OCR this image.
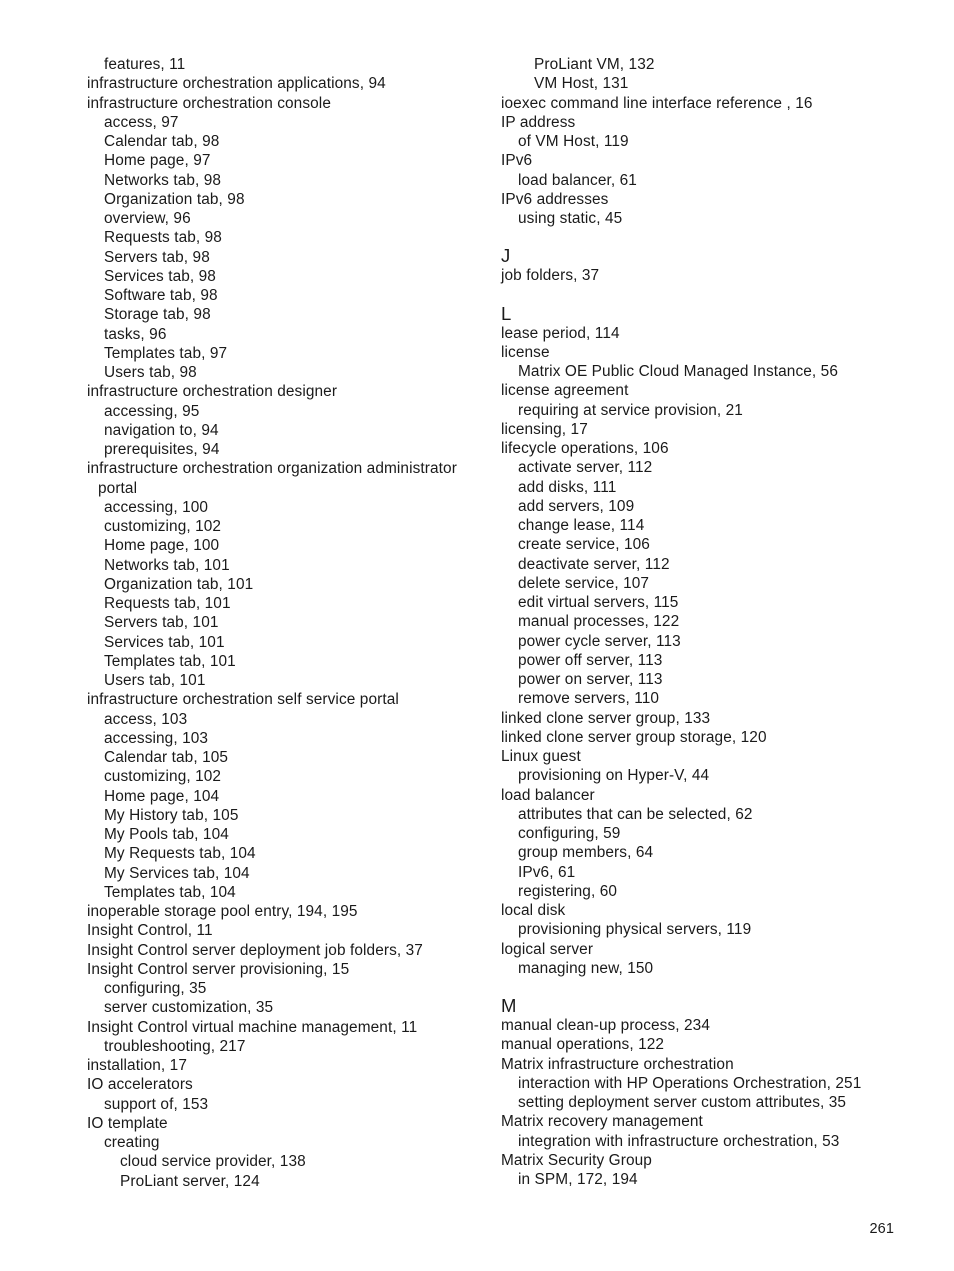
features, 11
infrastructure orchestration applications, 94
infrastructure orchestration console
access, 97
Calendar tab, 98
Home page, 97
Networks tab, 98
Organization tab, 98
overview, 96
Requests tab, 98
Servers tab, 98
Services tab, 98
Software tab, 98
Storage tab, 98
tasks, 96
Templates tab, 97
Users tab, 98
infrastructure orchestration designer
accessing, 95
navigation to, 94
prerequisites, 94
infrastructure orchestration organization administrator
portal
accessing, 100
customizing, 102
Home page, 100
Networks tab, 101
Organization tab, 101
Requests tab, 101
Servers tab, 101
Services tab, 101
Templates tab, 101
Users tab, 101
infrastructure orchestration self service portal
access, 103
accessing, 103
Calendar tab, 105
customizing, 102
Home page, 104
My History tab, 105
My Pools tab, 104
My Requests tab, 104
My Services tab, 104
Templates tab, 104
inoperable storage pool entry, 194, 195
Insight Control, 11
Insight Control server deployment job folders, 37
Insight Control server provisioning, 15
configuring, 35
server customization, 35
Insight Control virtual machine management, 11
troubleshooting, 217
installation, 17
IO accelerators
support of, 153
IO template
creating
cloud service provider, 138
ProLiant server, 124
ProLiant VM, 132
VM Host, 131
ioexec command line interface reference , 16
IP address
of VM Host, 119
IPv6
load balancer, 61
IPv6 addresses
using static, 45
J
job folders, 37
L
lease period, 114
license
Matrix OE Public Cloud Managed Instance, 56
license agreement
requiring at service provision, 21
licensing, 17
lifecycle operations, 106
activate server, 112
add disks, 111
add servers, 109
change lease, 114
create service, 106
deactivate server, 112
delete service, 107
edit virtual servers, 115
manual processes, 122
power cycle server, 113
power off server, 113
power on server, 113
remove servers, 110
linked clone server group, 133
linked clone server group storage, 120
Linux guest
provisioning on Hyper-V, 44
load balancer
attributes that can be selected, 62
configuring, 59
group members, 64
IPv6, 61
registering, 60
local disk
provisioning physical servers, 119
logical server
managing new, 150
M
manual clean-up process, 234
manual operations, 122
Matrix infrastructure orchestration
interaction with HP Operations Orchestration, 251
setting deployment server custom attributes, 35
Matrix recovery management
integration with infrastructure orchestration, 53
Matrix Security Group
in SPM, 172, 194
261
